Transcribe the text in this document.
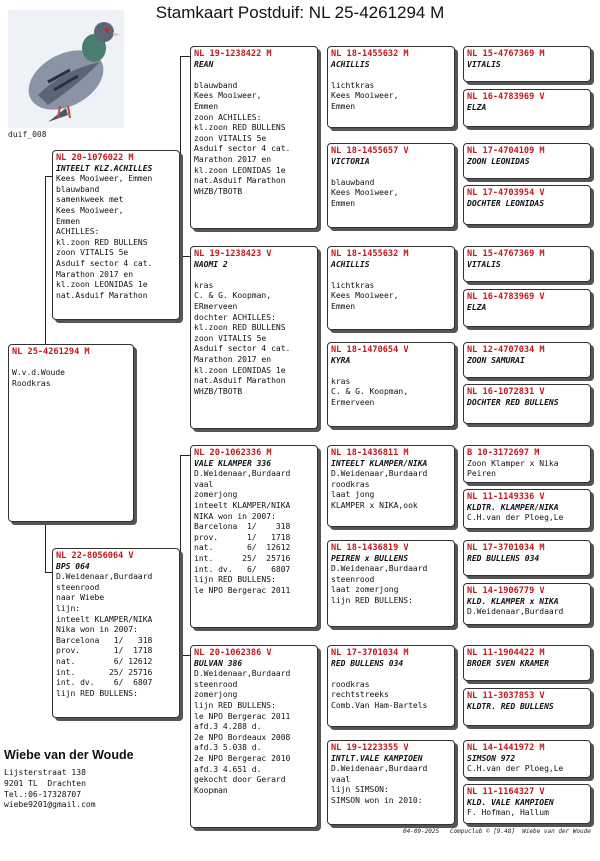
Stamkaart Postduif: NL 25-4261294 M
duif_008
NL 25-4261294 M
W.v.d.Woude
Roodkras
NL 20-1076022 M
INTEELT KLZ.ACHILLES
Kees Mooiweer, Emmen
blauwband
samenkweek met
Kees Mooiweer,
Emmen
ACHILLES:
kl.zoon RED BULLENS
zoon VITALIS 5e
Asduif sector 4 cat.
Marathon 2017 en
kl.zoon LEONIDAS 1e
nat.Asduif Marathon
NL 22-8056064 V
BPS 064
D.Weidenaar,Burdaard
steenrood
naar Wiebe
lijn:
inteelt KLAMPER/NIKA
Nika won in 2007:
Barcelona   1/   318
prov.       1/  1718
nat.        6/ 12612
int.       25/ 25716
int. dv.    6/  6807
lijn RED BULLENS:
NL 19-1238422 M
REAN
blauwband
Kees Mooiweer,
Emmen
zoon ACHILLES:
kl.zoon RED BULLENS
zoon VITALIS 5e
Asduif sector 4 cat.
Marathon 2017 en
kl.zoon LEONIDAS 1e
nat.Asduif Marathon
WHZB/TBOTB
NL 19-1238423 V
NAOMI 2
kras
C. & G. Koopman,
ERmerveen
dochter ACHILLES:
kl.zoon RED BULLENS
zoon VITALIS 5e
Asduif sector 4 cat.
Marathon 2017 en
kl.zoon LEONIDAS 1e
nat.Asduif Marathon
WHZB/TBOTB
NL 20-1062336 M
VALE KLAMPER 336
D.Weidenaar,Burdaard
vaal
zomerjong
inteelt KLAMPER/NIKA
NIKA won in 2007:
Barcelona  1/    318
prov.      1/   1718
nat.       6/  12612
int.      25/  25716
int. dv.   6/   6807
lijn RED BULLENS:
le NPO Bergerac 2011
NL 20-1062386 V
BULVAN 386
D.Weidenaar,Burdaard
steenrood
zomerjong
lijn RED BULLENS:
le NPO Bergerac 2011
afd.3 4.288 d.
2e NPO Bordeaux 2008
afd.3 5.038 d.
2e NPO Bergerac 2010
afd.3 4.651 d.
gekocht door Gerard
Koopman
NL 18-1455632 M
ACHILLIS
lichtkras
Kees Mooiweer,
Emmen
NL 18-1455657 V
VICTORIA
blauwband
Kees Mooiweer,
Emmen
NL 18-1455632 M
ACHILLIS
lichtkras
Kees Mooiweer,
Emmen
NL 18-1470654 V
KYRA
kras
C. & G. Koopman,
Ermerveen
NL 18-1436811 M
INTEELT KLAMPER/NIKA
D.Weidenaar,Burdaard
roodkras
laat jong
KLAMPER x NIKA,ook
NL 18-1436819 V
PEIREN x BULLENS
D.Weidenaar,Burdaard
steenrood
laat zomerjong
lijn RED BULLENS:
NL 17-3701034 M
RED BULLENS 034
roodkras
rechtstreeks
Comb.Van Ham-Bartels
NL 19-1223355 V
INTLT.VALE KAMPIOEN
D.Weidenaar,Burdaard
vaal
lijn SIMSON:
SIMSON won in 2010:
NL 15-4767369 M
VITALIS
NL 16-4783969 V
ELZA
NL 17-4704109 M
ZOON LEONIDAS
NL 17-4703954 V
DOCHTER LEONIDAS
NL 15-4767369 M
VITALIS
NL 16-4783969 V
ELZA
NL 12-4707034 M
ZOON SAMURAI
NL 16-1072831 V
DOCHTER RED BULLENS
B 10-3172697 M
Zoon Klamper x Nika
Peiren
NL 11-1149336 V
KLDTR. KLAMPER/NIKA
C.H.van der Ploeg,Le
NL 17-3701034 M
RED BULLENS 034
NL 14-1906779 V
KLD. KLAMPER x NIKA
D.Weidenaar,Burdaard
NL 11-1904422 M
BROER SVEN KRAMER
NL 11-3037853 V
KLDTR. RED BULLENS
NL 14-1441972 M
SIMSON 972
C.H.van der Ploeg,Le
NL 11-1164327 V
KLD. VALE KAMPIOEN
F. Hofman, Hallum
Wiebe van der Woude
Lijsterstraat 138
9201 TL  Drachten
Tel.:06-17328707
wiebe9201@gmail.com
04-09-2025   Compuclub © [9.48]  Wiebe van der Woude
